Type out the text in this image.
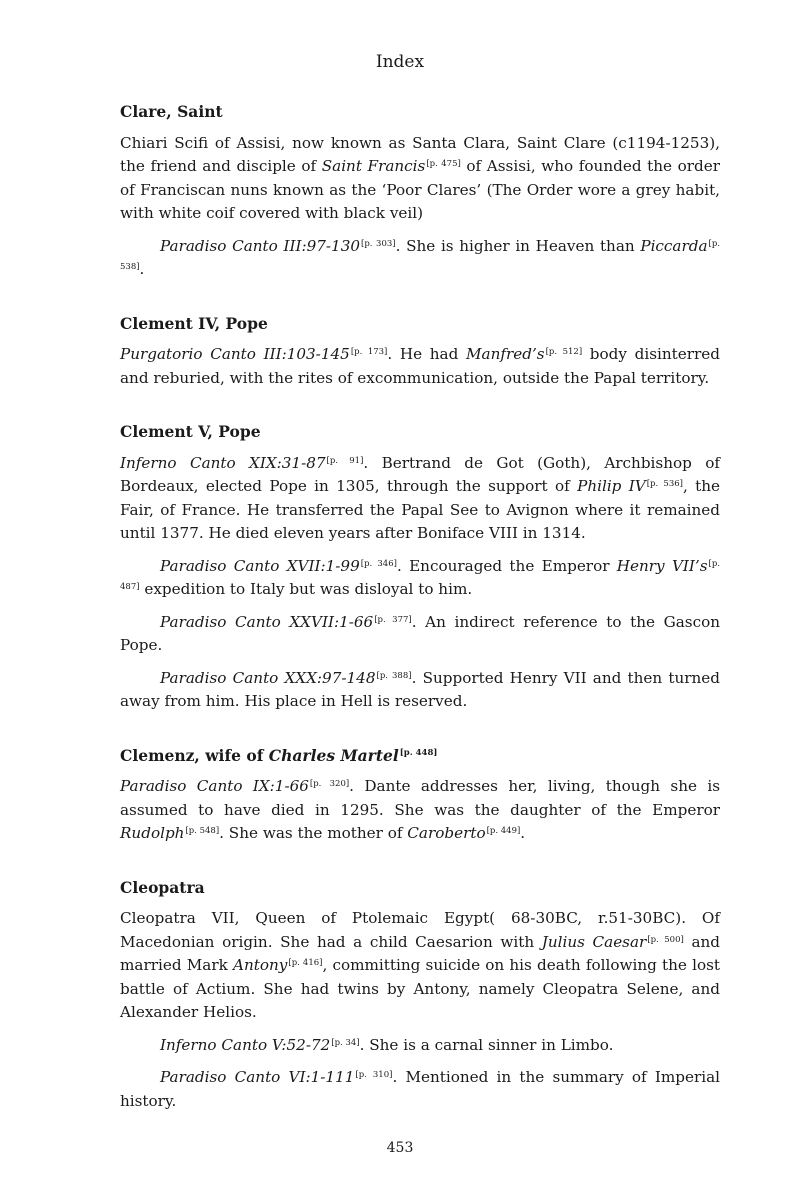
Index
Clare, Saint

Chiari Scifi of Assisi, now known as Santa Clara, Saint Clare (c1194-1253), the friend and disciple of Saint Francis[p. 475] of Assisi, who founded the order of Franciscan nuns known as the ‘Poor Clares’ (The Order wore a grey habit, with white coif covered with black veil)

Paradiso Canto III:97-130[p. 303]. She is higher in Heaven than Piccarda[p. 538].

Clement IV, Pope

Purgatorio Canto III:103-145[p. 173]. He had Manfred’s[p. 512] body disinterred and reburied, with the rites of excommunication, outside the Papal territory.

Clement V, Pope

Inferno Canto XIX:31-87[p. 91]. Bertrand de Got (Goth), Archbishop of Bordeaux, elected Pope in 1305, through the support of Philip IV[p. 536], the Fair, of France. He transferred the Papal See to Avignon where it remained until 1377. He died eleven years after Boniface VIII in 1314.

Paradiso Canto XVII:1-99[p. 346]. Encouraged the Emperor Henry VII’s[p. 487] expedition to Italy but was disloyal to him.

Paradiso Canto XXVII:1-66[p. 377]. An indirect reference to the Gascon Pope.

Paradiso Canto XXX:97-148[p. 388]. Supported Henry VII and then turned away from him. His place in Hell is reserved.

Clemenz, wife of Charles Martel[p. 448]

Paradiso Canto IX:1-66[p. 320]. Dante addresses her, living, though she is assumed to have died in 1295. She was the daughter of the Emperor Rudolph[p. 548]. She was the mother of Caroberto[p. 449].

Cleopatra

Cleopatra VII, Queen of Ptolemaic Egypt( 68-30BC, r.51-30BC). Of Macedonian origin. She had a child Caesarion with Julius Caesar[p. 500] and married Mark Antony[p. 416], committing suicide on his death following the lost battle of Actium. She had twins by Antony, namely Cleopatra Selene, and Alexander Helios.

Inferno Canto V:52-72[p. 34]. She is a carnal sinner in Limbo.

Paradiso Canto VI:1-111[p. 310]. Mentioned in the summary of Imperial history.

453
